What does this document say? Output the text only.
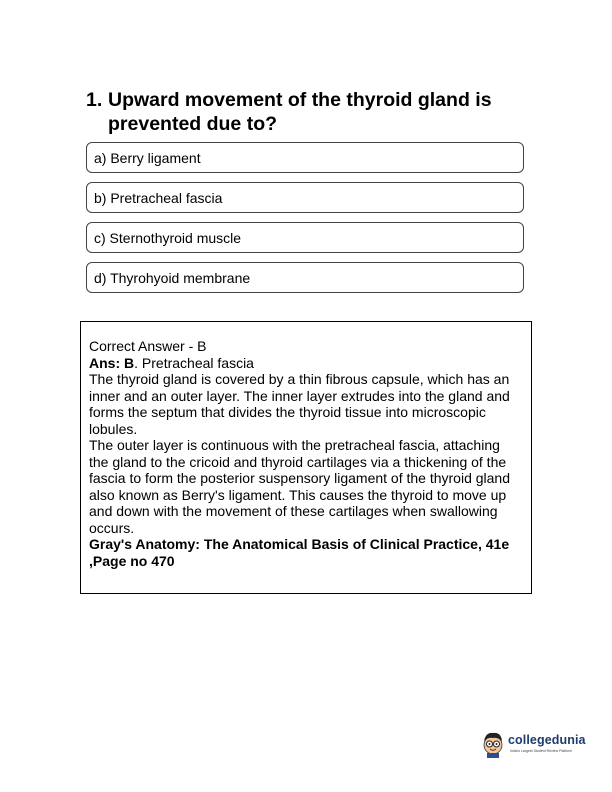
1. Upward movement of the thyroid gland is
prevented due to?
a) Berry ligament
b) Pretracheal fascia
c) Sternothyroid muscle
d) Thyrohyoid membrane

Correct Answer - B

Ans: B. Pretracheal fascia

The thyroid gland is covered by a thin fibrous capsule, which has an inner and an outer layer. The inner layer extrudes into the gland and forms the septum that divides the thyroid tissue into microscopic lobules.

The outer layer is continuous with the pretracheal fascia, attaching the gland to the cricoid and thyroid cartilages via a thickening of the fascia to form the posterior suspensory ligament of the thyroid gland also known as Berry's ligament. This causes the thyroid to move up and down with the movement of these cartilages when swallowing occurs.

Gray's Anatomy: The Anatomical Basis of Clinical Practice, 41e ,Page no 470

collegedunia
India's Largest Student Review Platform
